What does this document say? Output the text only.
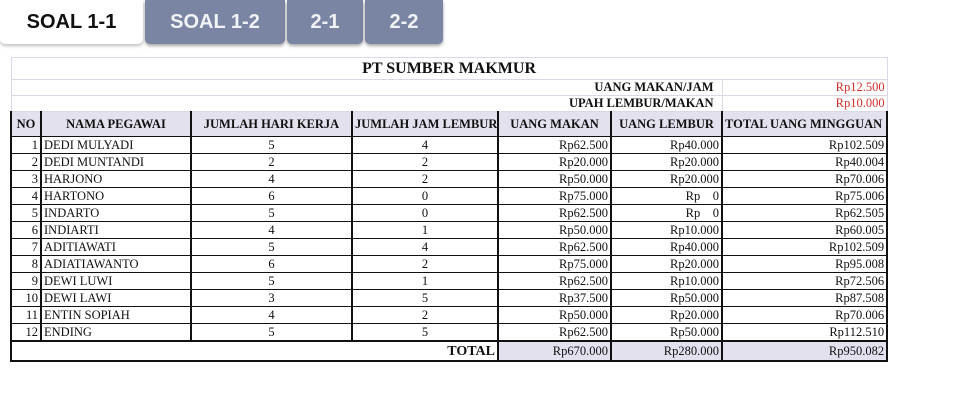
SOAL 1-1	SOAL 1-2	2-1	2-2
PT SUMBER MAKMUR						
UANG MAKAN/JAM						Rp12.500
UPAH LEMBUR/MAKAN						Rp10.000
NO	NAMA PEGAWAI	JUMLAH HARI KERJA	JUMLAH JAM LEMBUR	UANG MAKAN	UANG LEMBUR	TOTAL UANG MINGGUAN
1	DEDI MULYADI	5	4	Rp62.500	Rp40.000	Rp102.509
2	DEDI MUNTANDI	2	2	Rp20.000	Rp20.000	Rp40.004
3	HARJONO	4	2	Rp50.000	Rp20.000	Rp70.006
4	HARTONO	6	0	Rp75.000	Rp    0	Rp75.006
5	INDARTO	5	0	Rp62.500	Rp    0	Rp62.505
6	INDIARTI	4	1	Rp50.000	Rp10.000	Rp60.005
7	ADITIAWATI	5	4	Rp62.500	Rp40.000	Rp102.509
8	ADIATIAWANTO	6	2	Rp75.000	Rp20.000	Rp95.008
9	DEWI LUWI	5	1	Rp62.500	Rp10.000	Rp72.506
10	DEWI LAWI	3	5	Rp37.500	Rp50.000	Rp87.508
11	ENTIN SOPIAH	4	2	Rp50.000	Rp20.000	Rp70.006
12	ENDING	5	5	Rp62.500	Rp50.000	Rp112.510
TOTAL				Rp670.000	Rp280.000	Rp950.082
